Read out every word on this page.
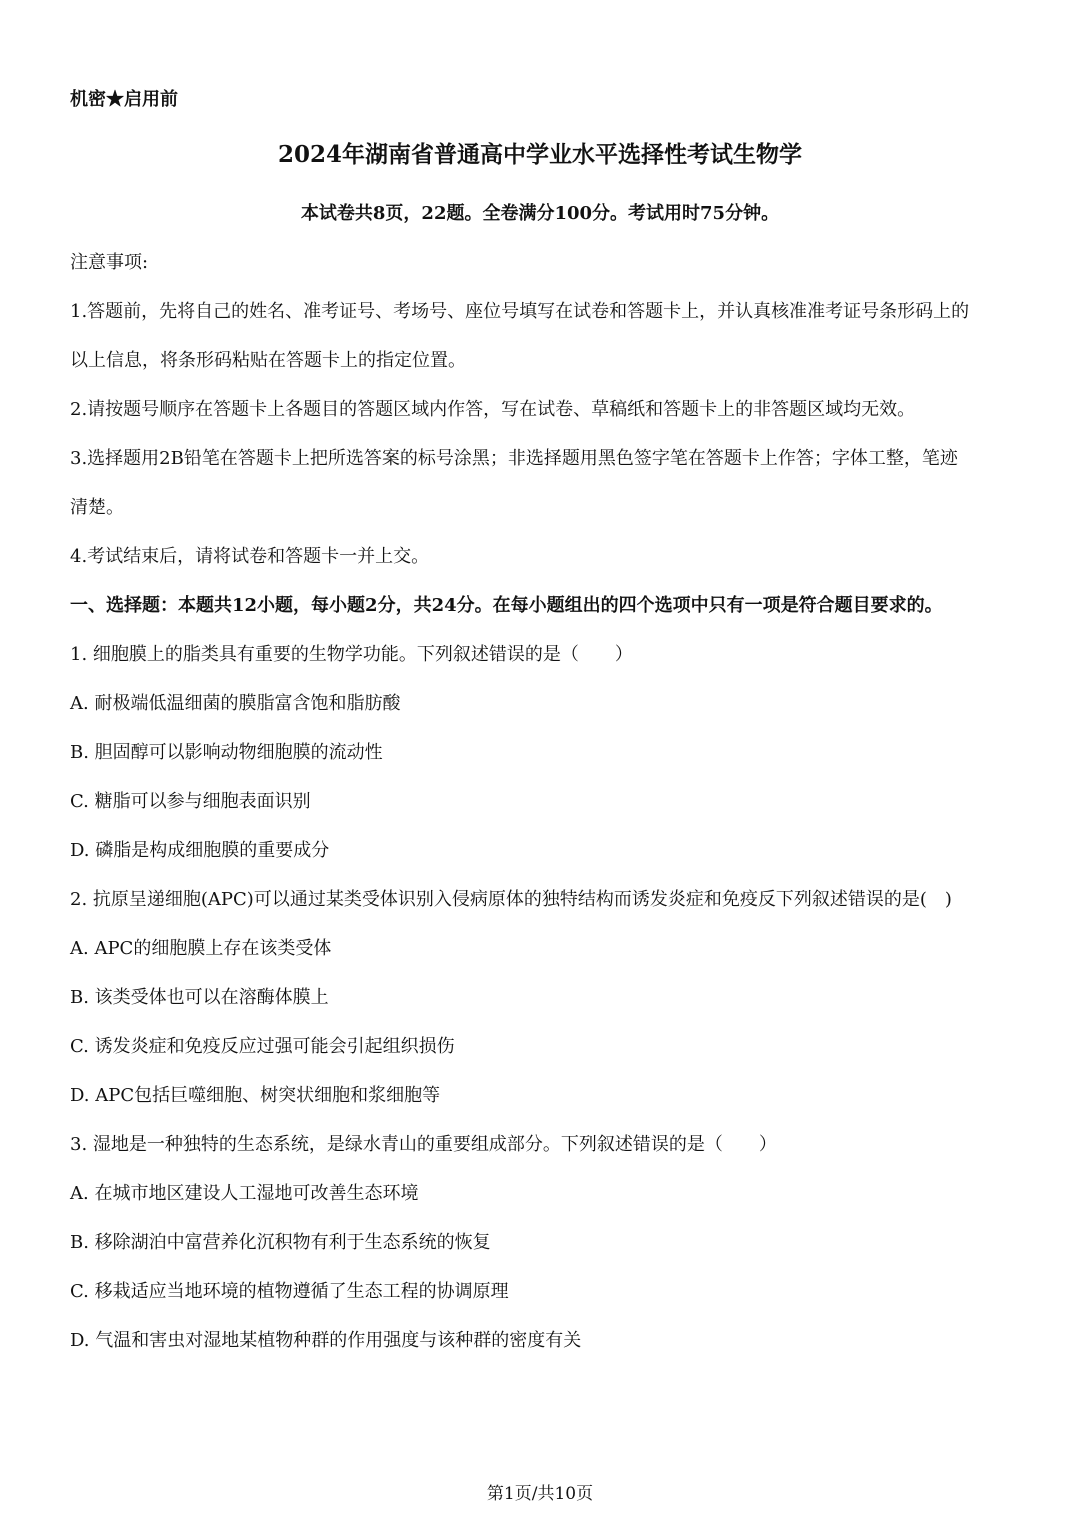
机密★启用前
2024年湖南省普通高中学业水平选择性考试生物学
本试卷共8页，22题。全卷满分100分。考试用时75分钟。
注意事项:
1.答题前，先将自己的姓名、准考证号、考场号、座位号填写在试卷和答题卡上，并认真核准准考证号条形码上的
以上信息，将条形码粘贴在答题卡上的指定位置。
2.请按题号顺序在答题卡上各题目的答题区域内作答，写在试卷、草稿纸和答题卡上的非答题区域均无效。
3.选择题用2B铅笔在答题卡上把所选答案的标号涂黑；非选择题用黑色签字笔在答题卡上作答；字体工整，笔迹
清楚。
4.考试结束后，请将试卷和答题卡一并上交。
一、选择题：本题共12小题，每小题2分，共24分。在每小题组出的四个选项中只有一项是符合题目要求的。
1. 细胞膜上的脂类具有重要的生物学功能。下列叙述错误的是（　　）
A. 耐极端低温细菌的膜脂富含饱和脂肪酸
B. 胆固醇可以影响动物细胞膜的流动性
C. 糖脂可以参与细胞表面识别
D. 磷脂是构成细胞膜的重要成分
2. 抗原呈递细胞(APC)可以通过某类受体识别入侵病原体的独特结构而诱发炎症和免疫反下列叙述错误的是(　)
A. APC的细胞膜上存在该类受体
B. 该类受体也可以在溶酶体膜上
C. 诱发炎症和免疫反应过强可能会引起组织损伤
D. APC包括巨噬细胞、树突状细胞和浆细胞等
3. 湿地是一种独特的生态系统，是绿水青山的重要组成部分。下列叙述错误的是（　　）
A. 在城市地区建设人工湿地可改善生态环境
B. 移除湖泊中富营养化沉积物有利于生态系统的恢复
C. 移栽适应当地环境的植物遵循了生态工程的协调原理
D. 气温和害虫对湿地某植物种群的作用强度与该种群的密度有关
第1页/共10页
